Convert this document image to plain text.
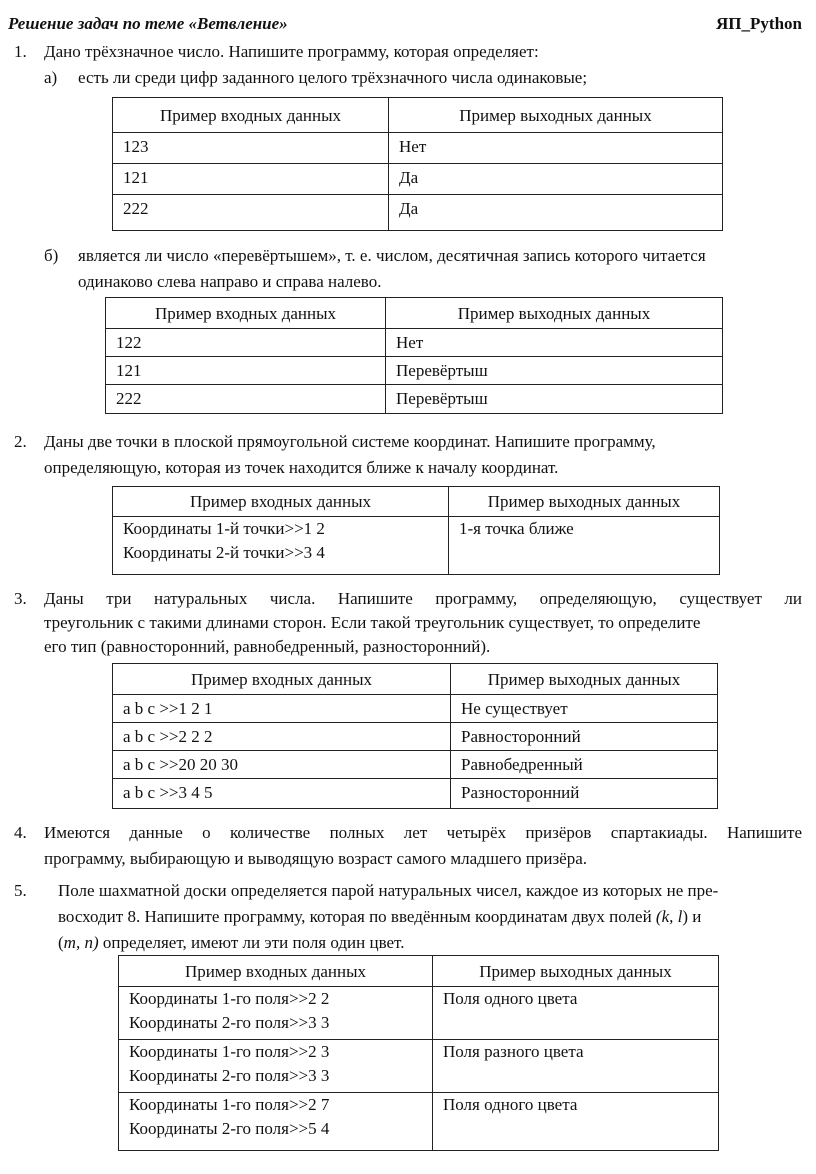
Решение задач по теме «Ветвление»	ЯП_Python
1. Дано трёхзначное число. Напишите программу, которая определяет:
а) есть ли среди цифр заданного целого трёхзначного числа одинаковые;
Пример входных данных	Пример выходных данных
123	Нет
121	Да
222	Да
б) является ли число «перевёртышем», т. е. числом, десятичная запись которого читается
одинаково слева направо и справа налево.
Пример входных данных	Пример выходных данных
122	Нет
121	Перевёртыш
222	Перевёртыш
2. Даны две точки в плоской прямоугольной системе координат. Напишите программу,
определяющую, которая из точек находится ближе к началу координат.
Пример входных данных	Пример выходных данных

Координаты 1-й точки>>1 2
Координаты 2-й точки>>3 4	1-я точка ближе
3. Даны три натуральных числа. Напишите программу, определяющую, существует ли
треугольник с такими длинами сторон. Если такой треугольник существует, то определите
его тип (равносторонний, равнобедренный, разносторонний).
Пример входных данных	Пример выходных данных
a b c >>1 2 1	Не существует
a b c >>2 2 2	Равносторонний
a b c >>20 20 30	Равнобедренный
a b c >>3 4 5	Разносторонний
4. Имеются данные о количестве полных лет четырёх призёров спартакиады. Напишите
программу, выбирающую и выводящую возраст самого младшего призёра.
5. Поле шахматной доски определяется парой натуральных чисел, каждое из которых не пре-
восходит 8. Напишите программу, которая по введённым координатам двух полей (k, l) и
(m, n) определяет, имеют ли эти поля один цвет.
Пример входных данных	Пример выходных данных

Координаты 1-го поля>>2 2
Координаты 2-го поля>>3 3	Поля одного цвета

Координаты 1-го поля>>2 3
Координаты 2-го поля>>3 3	Поля разного цвета

Координаты 1-го поля>>2 7
Координаты 2-го поля>>5 4	Поля одного цвета
